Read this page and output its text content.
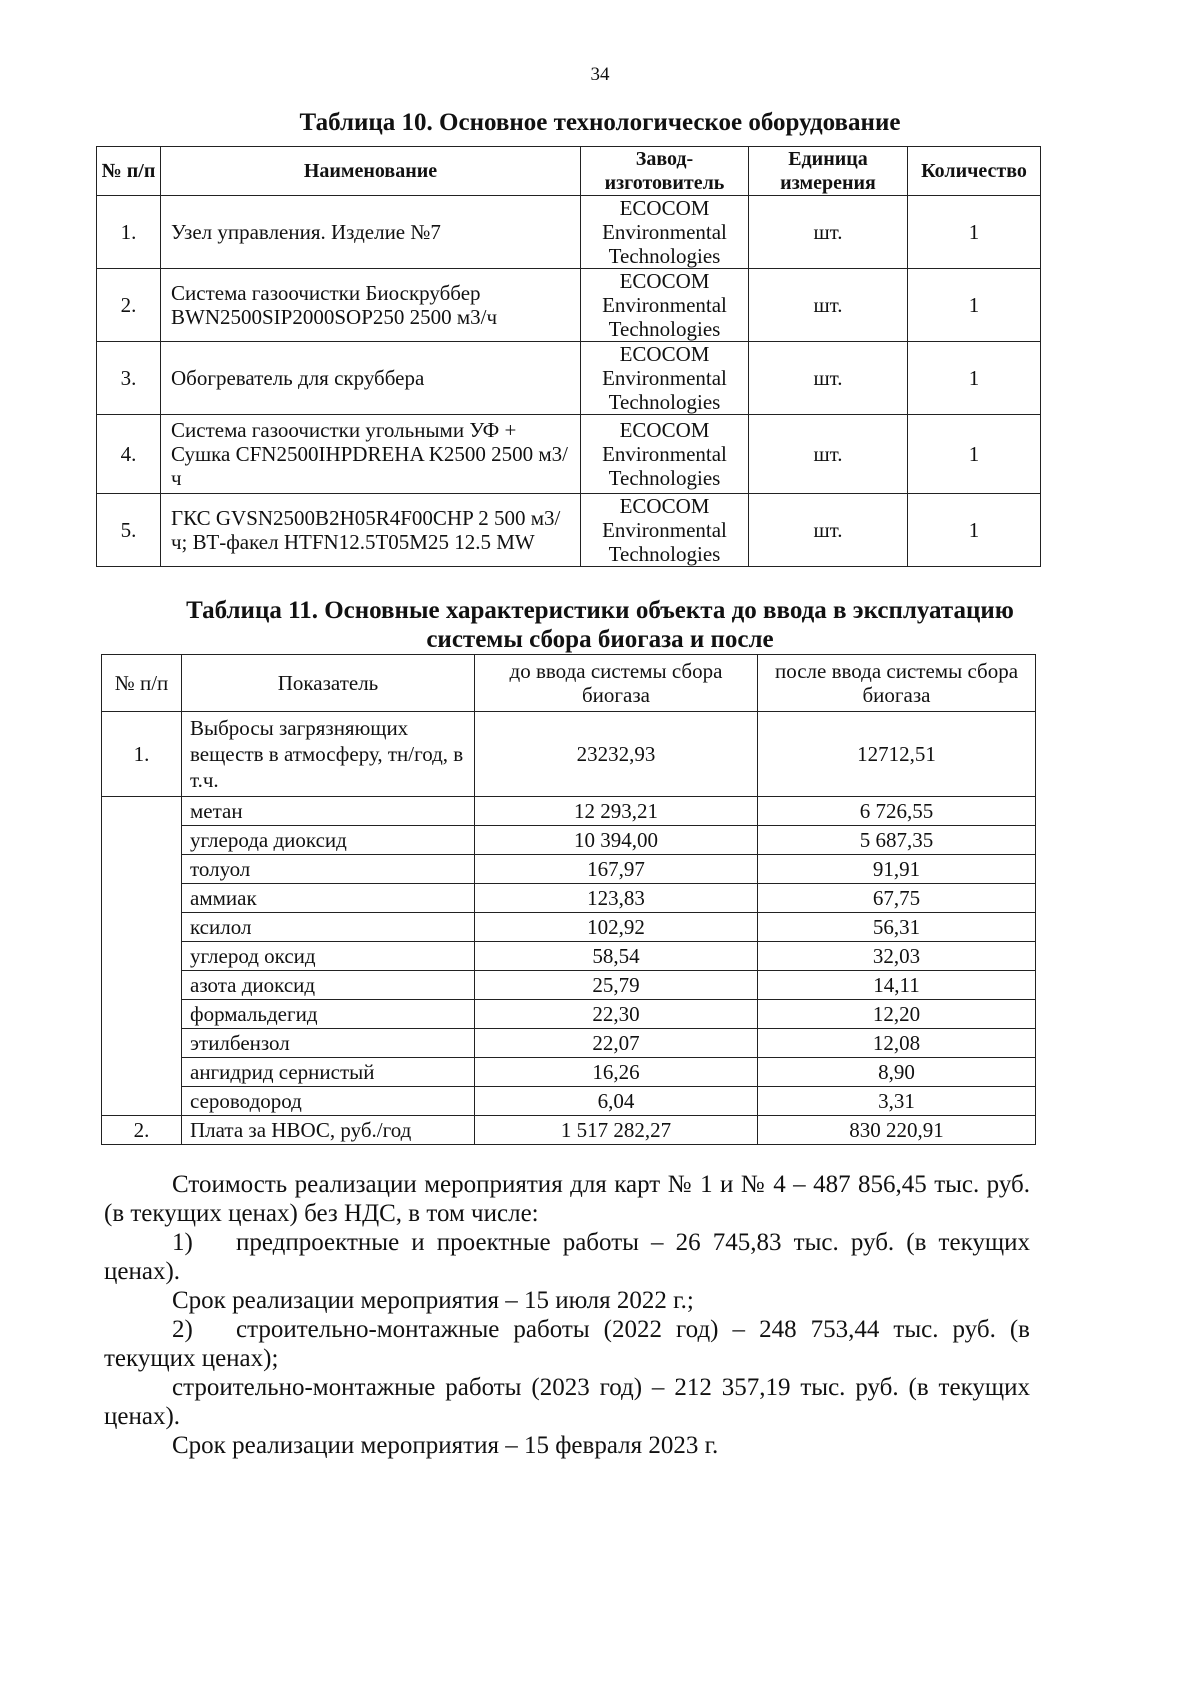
34
Таблица 10. Основное технологическое оборудование
№ п/п	Наименование	Завод-изготовитель	Единица измерения	Количество
1.	Узел управления. Изделие №7	ECOCOM Environmental Technologies	шт.	1
2.	Система газоочистки Биоскруббер BWN2500SIP2000SOP250 2500 м3/ч	ECOCOM Environmental Technologies	шт.	1
3.	Обогреватель для скруббера	ECOCOM Environmental Technologies	шт.	1
4.	Система газоочистки угольными УФ + Сушка CFN2500IHPDREHA K2500 2500 м3/ч	ECOCOM Environmental Technologies	шт.	1
5.	ГКС GVSN2500B2H05R4F00CHP 2 500 м3/ч; ВТ-факел HTFN12.5T05M25 12.5 MW	ECOCOM Environmental Technologies	шт.	1
Таблица 11. Основные характеристики объекта до ввода в эксплуатацию
системы сбора биогаза и после
№ п/п	Показатель	до ввода системы сбора биогаза	после ввода системы сбора биогаза
1.	Выбросы загрязняющих веществ в атмосферу, тн/год, в т.ч.	23232,93	12712,51
	метан	12 293,21	6 726,55
	углерода диоксид	10 394,00	5 687,35
	толуол	167,97	91,91
	аммиак	123,83	67,75
	ксилол	102,92	56,31
	углерод оксид	58,54	32,03
	азота диоксид	25,79	14,11
	формальдегид	22,30	12,20
	этилбензол	22,07	12,08
	ангидрид сернистый	16,26	8,90
	сероводород	6,04	3,31
2.	Плата за НВОС, руб./год	1 517 282,27	830 220,91

Стоимость реализации мероприятия для карт № 1 и № 4 – 487 856,45 тыс. руб. (в текущих ценах) без НДС, в том числе:

1) предпроектные и проектные работы – 26 745,83 тыс. руб. (в текущих ценах).

Срок реализации мероприятия – 15 июля 2022 г.;

2) строительно-монтажные работы (2022 год) – 248 753,44 тыс. руб. (в текущих ценах);

строительно-монтажные работы (2023 год) – 212 357,19 тыс. руб. (в текущих ценах).

Срок реализации мероприятия – 15 февраля 2023 г.
